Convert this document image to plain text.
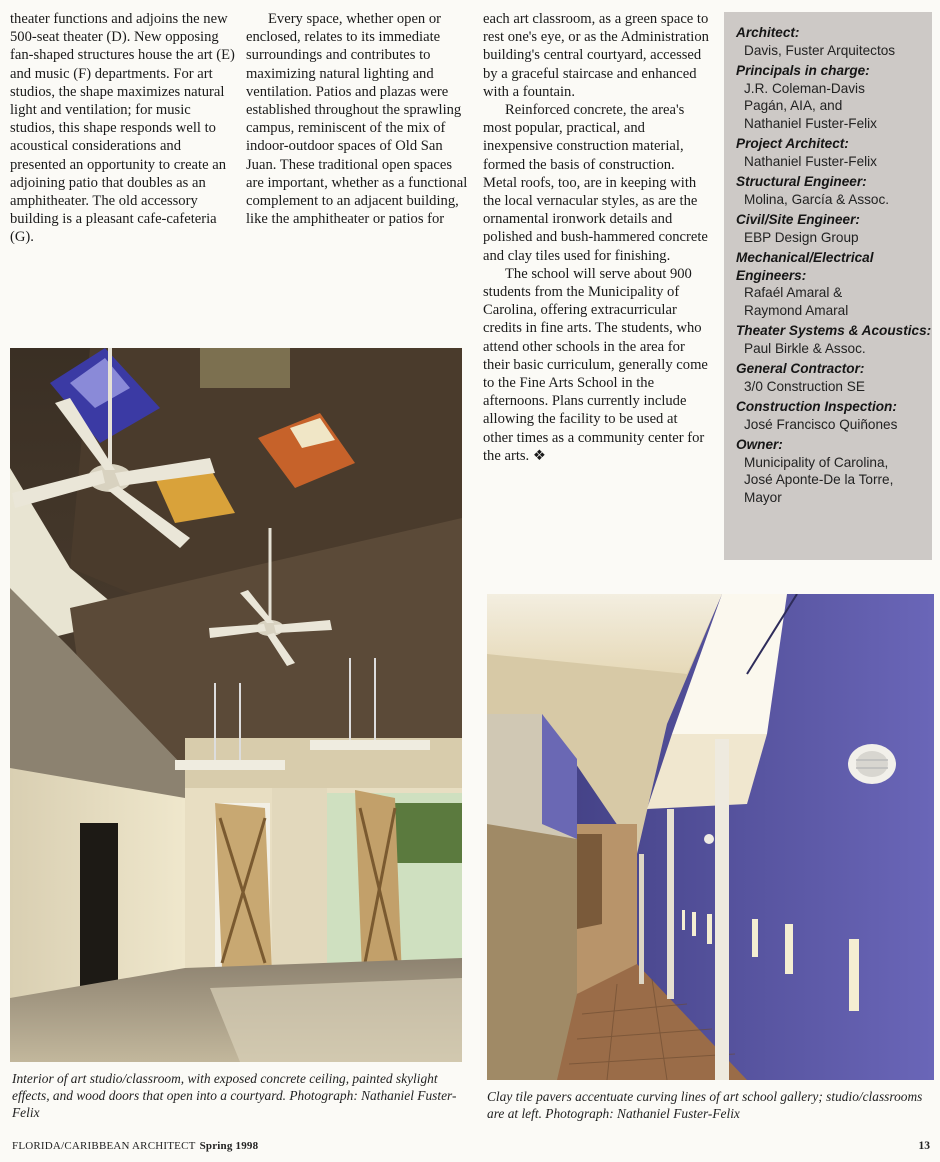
theater functions and adjoins the new 500-seat theater (D). New opposing fan-shaped structures house the art (E) and music (F) departments. For art studios, the shape maximizes natural light and ventilation; for music studios, this shape responds well to acoustical considerations and presented an opportunity to create an adjoining patio that doubles as an amphitheater. The old accessory building is a pleasant cafe-cafeteria (G).

Every space, whether open or enclosed, relates to its immediate surroundings and contributes to maximizing natural lighting and ventilation. Patios and plazas were established throughout the sprawling campus, reminiscent of the mix of indoor-outdoor spaces of Old San Juan. These traditional open spaces are important, whether as a functional complement to an adjacent building, like the amphitheater or patios for

each art classroom, as a green space to rest one's eye, or as the Administration building's central courtyard, accessed by a graceful staircase and enhanced with a fountain.

Reinforced concrete, the area's most popular, practical, and inexpensive construction material, formed the basis of construction. Metal roofs, too, are in keeping with the local vernacular styles, as are the ornamental ironwork details and polished and bush-hammered concrete and clay tiles used for finishing.

The school will serve about 900 students from the Municipality of Carolina, offering extracurricular credits in fine arts. The students, who attend other schools in the area for their basic curriculum, generally come to the Fine Arts School in the afternoons. Plans currently include allowing the facility to be used at other times as a community center for the arts. ❖

Architect:
Davis, Fuster Arquitectos
Principals in charge:
J.R. Coleman-Davis
Pagán, AIA, and
Nathaniel Fuster-Felix
Project Architect:
Nathaniel Fuster-Felix
Structural Engineer:
Molina, García & Assoc.
Civil/Site Engineer:
EBP Design Group
Mechanical/Electrical Engineers:
Rafaél Amaral &
Raymond Amaral
Theater Systems & Acoustics:
Paul Birkle & Assoc.
General Contractor:
3/0 Construction SE
Construction Inspection:
José Francisco Quiñones
Owner:
Municipality of Carolina,
José Aponte-De la Torre,
Mayor
Interior of art studio/classroom, with exposed concrete ceiling, painted skylight effects, and wood doors that open into a courtyard. Photograph: Nathaniel Fuster- Felix
Clay tile pavers accentuate curving lines of art school gallery; studio/classrooms are at left. Photograph: Nathaniel Fuster-Felix
FLORIDA/CARIBBEAN ARCHITECT Spring 1998	13
